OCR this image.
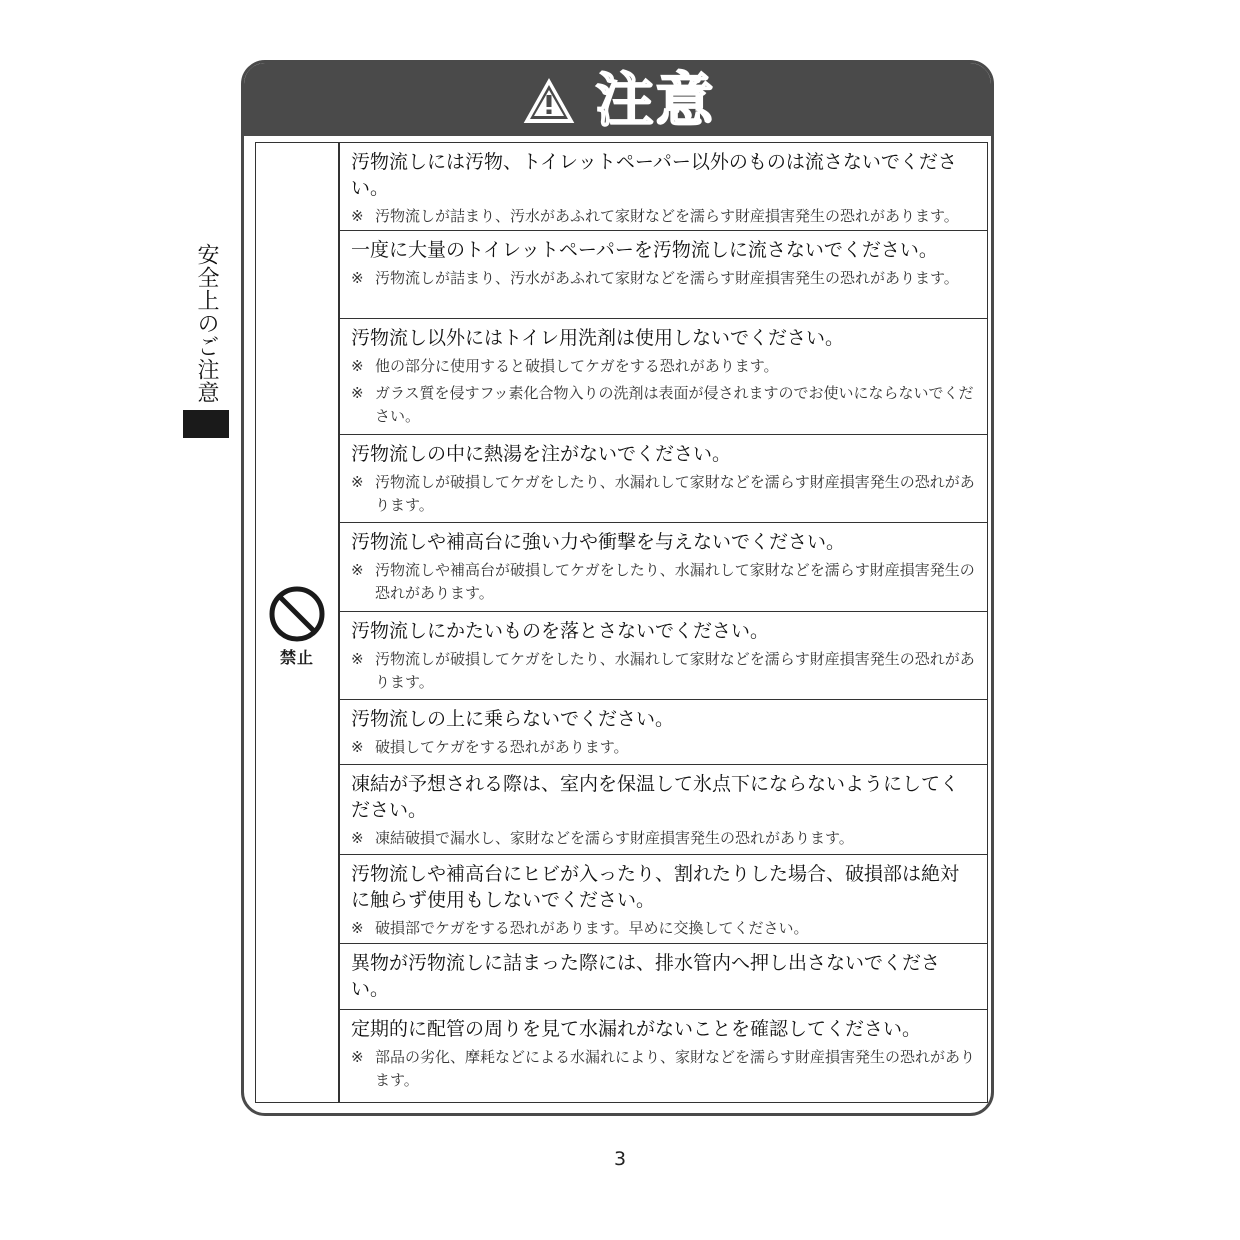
安全上のご注意
注意
禁止
汚物流しには汚物、トイレットペーパー以外のものは流さないでください。
※ 汚物流しが詰まり、汚水があふれて家財などを濡らす財産損害発生の恐れがあります。
一度に大量のトイレットペーパーを汚物流しに流さないでください。
※ 汚物流しが詰まり、汚水があふれて家財などを濡らす財産損害発生の恐れがあります。
汚物流し以外にはトイレ用洗剤は使用しないでください。
※ 他の部分に使用すると破損してケガをする恐れがあります。
※ ガラス質を侵すフッ素化合物入りの洗剤は表面が侵されますのでお使いにならないでください。
汚物流しの中に熱湯を注がないでください。
※ 汚物流しが破損してケガをしたり、水漏れして家財などを濡らす財産損害発生の恐れがあります。
汚物流しや補高台に強い力や衝撃を与えないでください。
※ 汚物流しや補高台が破損してケガをしたり、水漏れして家財などを濡らす財産損害発生の恐れがあります。
汚物流しにかたいものを落とさないでください。
※ 汚物流しが破損してケガをしたり、水漏れして家財などを濡らす財産損害発生の恐れがあります。
汚物流しの上に乗らないでください。
※ 破損してケガをする恐れがあります。
凍結が予想される際は、室内を保温して氷点下にならないようにしてください。
※ 凍結破損で漏水し、家財などを濡らす財産損害発生の恐れがあります。
汚物流しや補高台にヒビが入ったり、割れたりした場合、破損部は絶対に触らず使用もしないでください。
※ 破損部でケガをする恐れがあります。早めに交換してください。
異物が汚物流しに詰まった際には、排水管内へ押し出さないでください。
定期的に配管の周りを見て水漏れがないことを確認してください。
※ 部品の劣化、摩耗などによる水漏れにより、家財などを濡らす財産損害発生の恐れがあります。
3
